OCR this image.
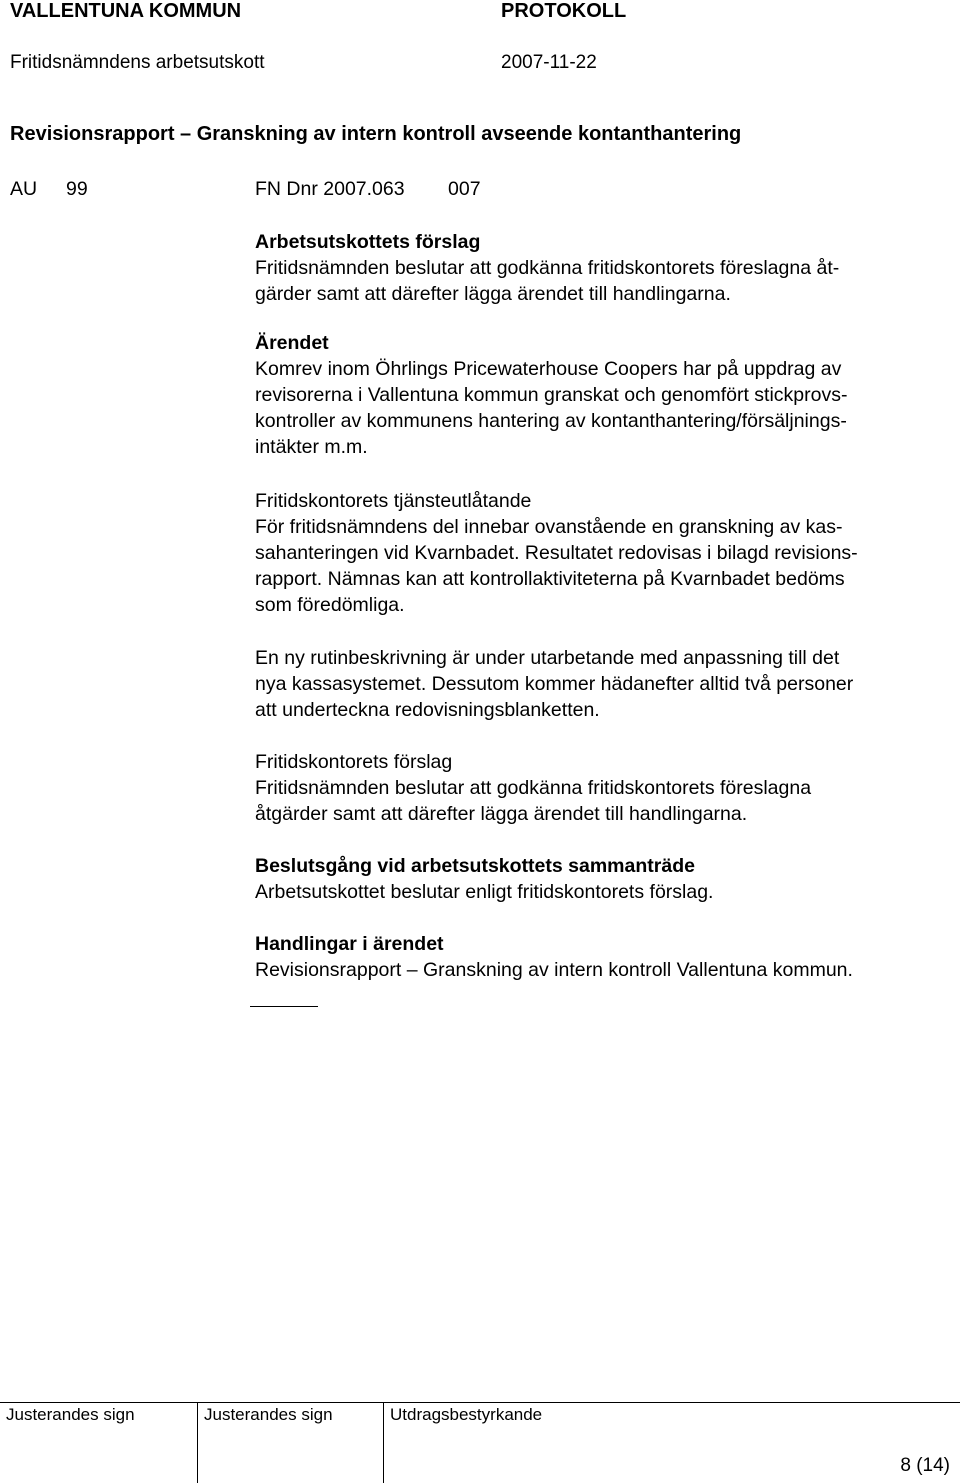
VALLENTUNA KOMMUN	PROTOKOLL
Fritidsnämndens arbetsutskott	2007-11-22
Revisionsrapport – Granskning av intern kontroll avseende kontanthantering
AU 99	FN Dnr 2007.063 007
Arbetsutskottets förslag
Fritidsnämnden beslutar att godkänna fritidskontorets föreslagna åt-
gärder samt att därefter lägga ärendet till handlingarna.
Ärendet
Komrev inom Öhrlings Pricewaterhouse Coopers har på uppdrag av
revisorerna i Vallentuna kommun granskat och genomfört stickprovs-
kontroller av kommunens hantering av kontanthantering/försäljnings-
intäkter m.m.
Fritidskontorets tjänsteutlåtande
För fritidsnämndens del innebar ovanstående en granskning av kas-
sahanteringen vid Kvarnbadet. Resultatet redovisas i bilagd revisions-
rapport. Nämnas kan att kontrollaktiviteterna på Kvarnbadet bedöms
som föredömliga.
En ny rutinbeskrivning är under utarbetande med anpassning till det
nya kassasystemet. Dessutom kommer hädanefter alltid två personer
att underteckna redovisningsblanketten.
Fritidskontorets förslag
Fritidsnämnden beslutar att godkänna fritidskontorets föreslagna
åtgärder samt att därefter lägga ärendet till handlingarna.
Beslutsgång vid arbetsutskottets sammanträde
Arbetsutskottet beslutar enligt fritidskontorets förslag.
Handlingar i ärendet
Revisionsrapport – Granskning av intern kontroll Vallentuna kommun.
Justerandes sign	Justerandes sign	Utdragsbestyrkande
8 (14)
